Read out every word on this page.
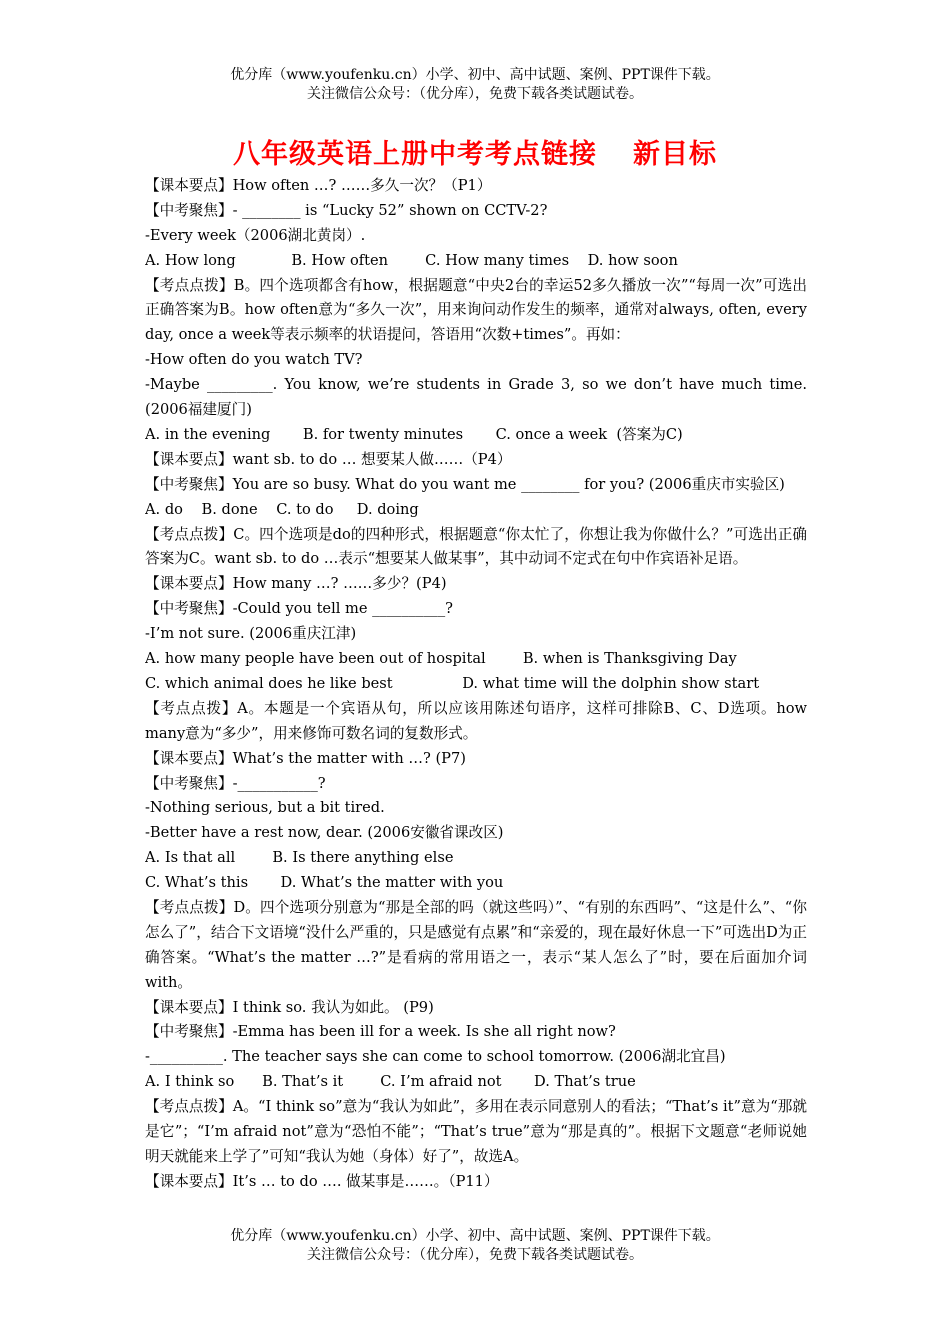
优分库（www.youfenku.cn）小学、初中、高中试题、案例、PPT课件下载。
关注微信公众号：（优分库），免费下载各类试题试卷。
八年级英语上册中考考点链接 新目标
【课本要点】How often …? ……多久一次？（P1）
【中考聚焦】- ________ is “Lucky 52” shown on CCTV-2?
-Every week（2006湖北黄岗）.
A. How long            B. How often        C. How many times    D. how soon
【考点点拨】B。四个选项都含有how，根据题意“中央2台的幸运52多久播放一次”“每周一次”可选出正确答案为B。how often意为“多久一次”，用来询问动作发生的频率，通常对always, often, every day, once a week等表示频率的状语提问，答语用“次数+times”。再如：
-How often do you watch TV?
-Maybe _________. You know, we’re students in Grade 3, so we don’t have much time. (2006福建厦门)
A. in the evening       B. for twenty minutes       C. once a week  (答案为C)
【课本要点】want sb. to do … 想要某人做……（P4）
【中考聚焦】You are so busy. What do you want me ________ for you? (2006重庆市实验区)
A. do    B. done    C. to do     D. doing
【考点点拨】C。四个选项是do的四种形式，根据题意“你太忙了，你想让我为你做什么？”可选出正确答案为C。want sb. to do …表示“想要某人做某事”，其中动词不定式在句中作宾语补足语。
【课本要点】How many …? ……多少？(P4)
【中考聚焦】-Could you tell me __________?
-I’m not sure. (2006重庆江津)
A. how many people have been out of hospital        B. when is Thanksgiving Day
C. which animal does he like best               D. what time will the dolphin show start
【考点点拨】A。本题是一个宾语从句，所以应该用陈述句语序，这样可排除B、C、D选项。how many意为“多少”，用来修饰可数名词的复数形式。
【课本要点】What’s the matter with …? (P7)
【中考聚焦】-___________?
-Nothing serious, but a bit tired.
-Better have a rest now, dear. (2006安徽省课改区)
A. Is that all        B. Is there anything else
C. What’s this       D. What’s the matter with you
【考点点拨】D。四个选项分别意为“那是全部的吗（就这些吗）”、“有别的东西吗”、“这是什么”、“你怎么了”，结合下文语境“没什么严重的，只是感觉有点累”和“亲爱的，现在最好休息一下”可选出D为正确答案。“What’s the matter …?”是看病的常用语之一，表示“某人怎么了”时，要在后面加介词with。
【课本要点】I think so. 我认为如此。 (P9)
【中考聚焦】-Emma has been ill for a week. Is she all right now?
-__________. The teacher says she can come to school tomorrow. (2006湖北宜昌)
A. I think so      B. That’s it        C. I’m afraid not       D. That’s true
【考点点拨】A。“I think so”意为“我认为如此”，多用在表示同意别人的看法；“That’s it”意为“那就是它”；“I’m afraid not”意为“恐怕不能”；“That’s true”意为“那是真的”。根据下文题意“老师说她明天就能来上学了”可知“我认为她（身体）好了”，故选A。
【课本要点】It’s … to do …. 做某事是……。（P11）
优分库（www.youfenku.cn）小学、初中、高中试题、案例、PPT课件下载。
关注微信公众号：（优分库），免费下载各类试题试卷。
